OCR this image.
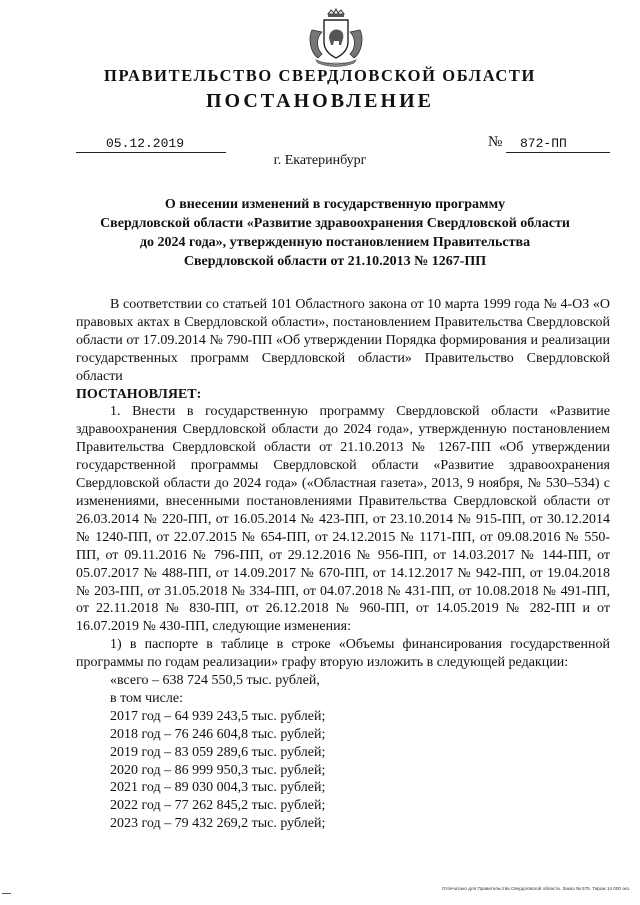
ПРАВИТЕЛЬСТВО СВЕРДЛОВСКОЙ ОБЛАСТИ
ПОСТАНОВЛЕНИЕ
05.12.2019	№ 872-ПП
г. Екатеринбург
О внесении изменений в государственную программу
Свердловской области «Развитие здравоохранения Свердловской области
до 2024 года», утвержденную постановлением Правительства
Свердловской области от 21.10.2013 № 1267-ПП
В соответствии со статьей 101 Областного закона от 10 марта 1999 года № 4-ОЗ «О правовых актах в Свердловской области», постановлением Правительства Свердловской области от 17.09.2014 № 790-ПП «Об утверждении Порядка формирования и реализации государственных программ Свердловской области» Правительство Свердловской области
ПОСТАНОВЛЯЕТ:
1. Внести в государственную программу Свердловской области «Развитие здравоохранения Свердловской области до 2024 года», утвержденную постановлением Правительства Свердловской области от 21.10.2013 № 1267-ПП «Об утверждении государственной программы Свердловской области «Развитие здравоохранения Свердловской области до 2024 года» («Областная газета», 2013, 9 ноября, № 530–534) с изменениями, внесенными постановлениями Правительства Свердловской области от 26.03.2014 № 220-ПП, от 16.05.2014 № 423-ПП, от 23.10.2014 № 915-ПП, от 30.12.2014 № 1240-ПП, от 22.07.2015 № 654-ПП, от 24.12.2015 № 1171-ПП, от 09.08.2016 № 550-ПП, от 09.11.2016 № 796-ПП, от 29.12.2016 № 956-ПП, от 14.03.2017 № 144-ПП, от 05.07.2017 № 488-ПП, от 14.09.2017 № 670-ПП, от 14.12.2017 № 942-ПП, от 19.04.2018 № 203-ПП, от 31.05.2018 № 334-ПП, от 04.07.2018 № 431-ПП, от 10.08.2018 № 491-ПП, от 22.11.2018 № 830-ПП, от 26.12.2018 № 960-ПП, от 14.05.2019 № 282-ПП и от 16.07.2019 № 430-ПП, следующие изменения:
1) в паспорте в таблице в строке «Объемы финансирования государственной программы по годам реализации» графу вторую изложить в следующей редакции:
«всего – 638 724 550,5 тыс. рублей,
в том числе:
2017 год – 64 939 243,5 тыс. рублей;
2018 год – 76 246 604,8 тыс. рублей;
2019 год – 83 059 289,6 тыс. рублей;
2020 год – 86 999 950,3 тыс. рублей;
2021 год – 89 030 004,3 тыс. рублей;
2022 год – 77 262 845,2 тыс. рублей;
2023 год – 79 432 269,2 тыс. рублей;
Отпечатано для Правительства Свердловской области. Заказ № 575. Тираж 14 000 экз.
